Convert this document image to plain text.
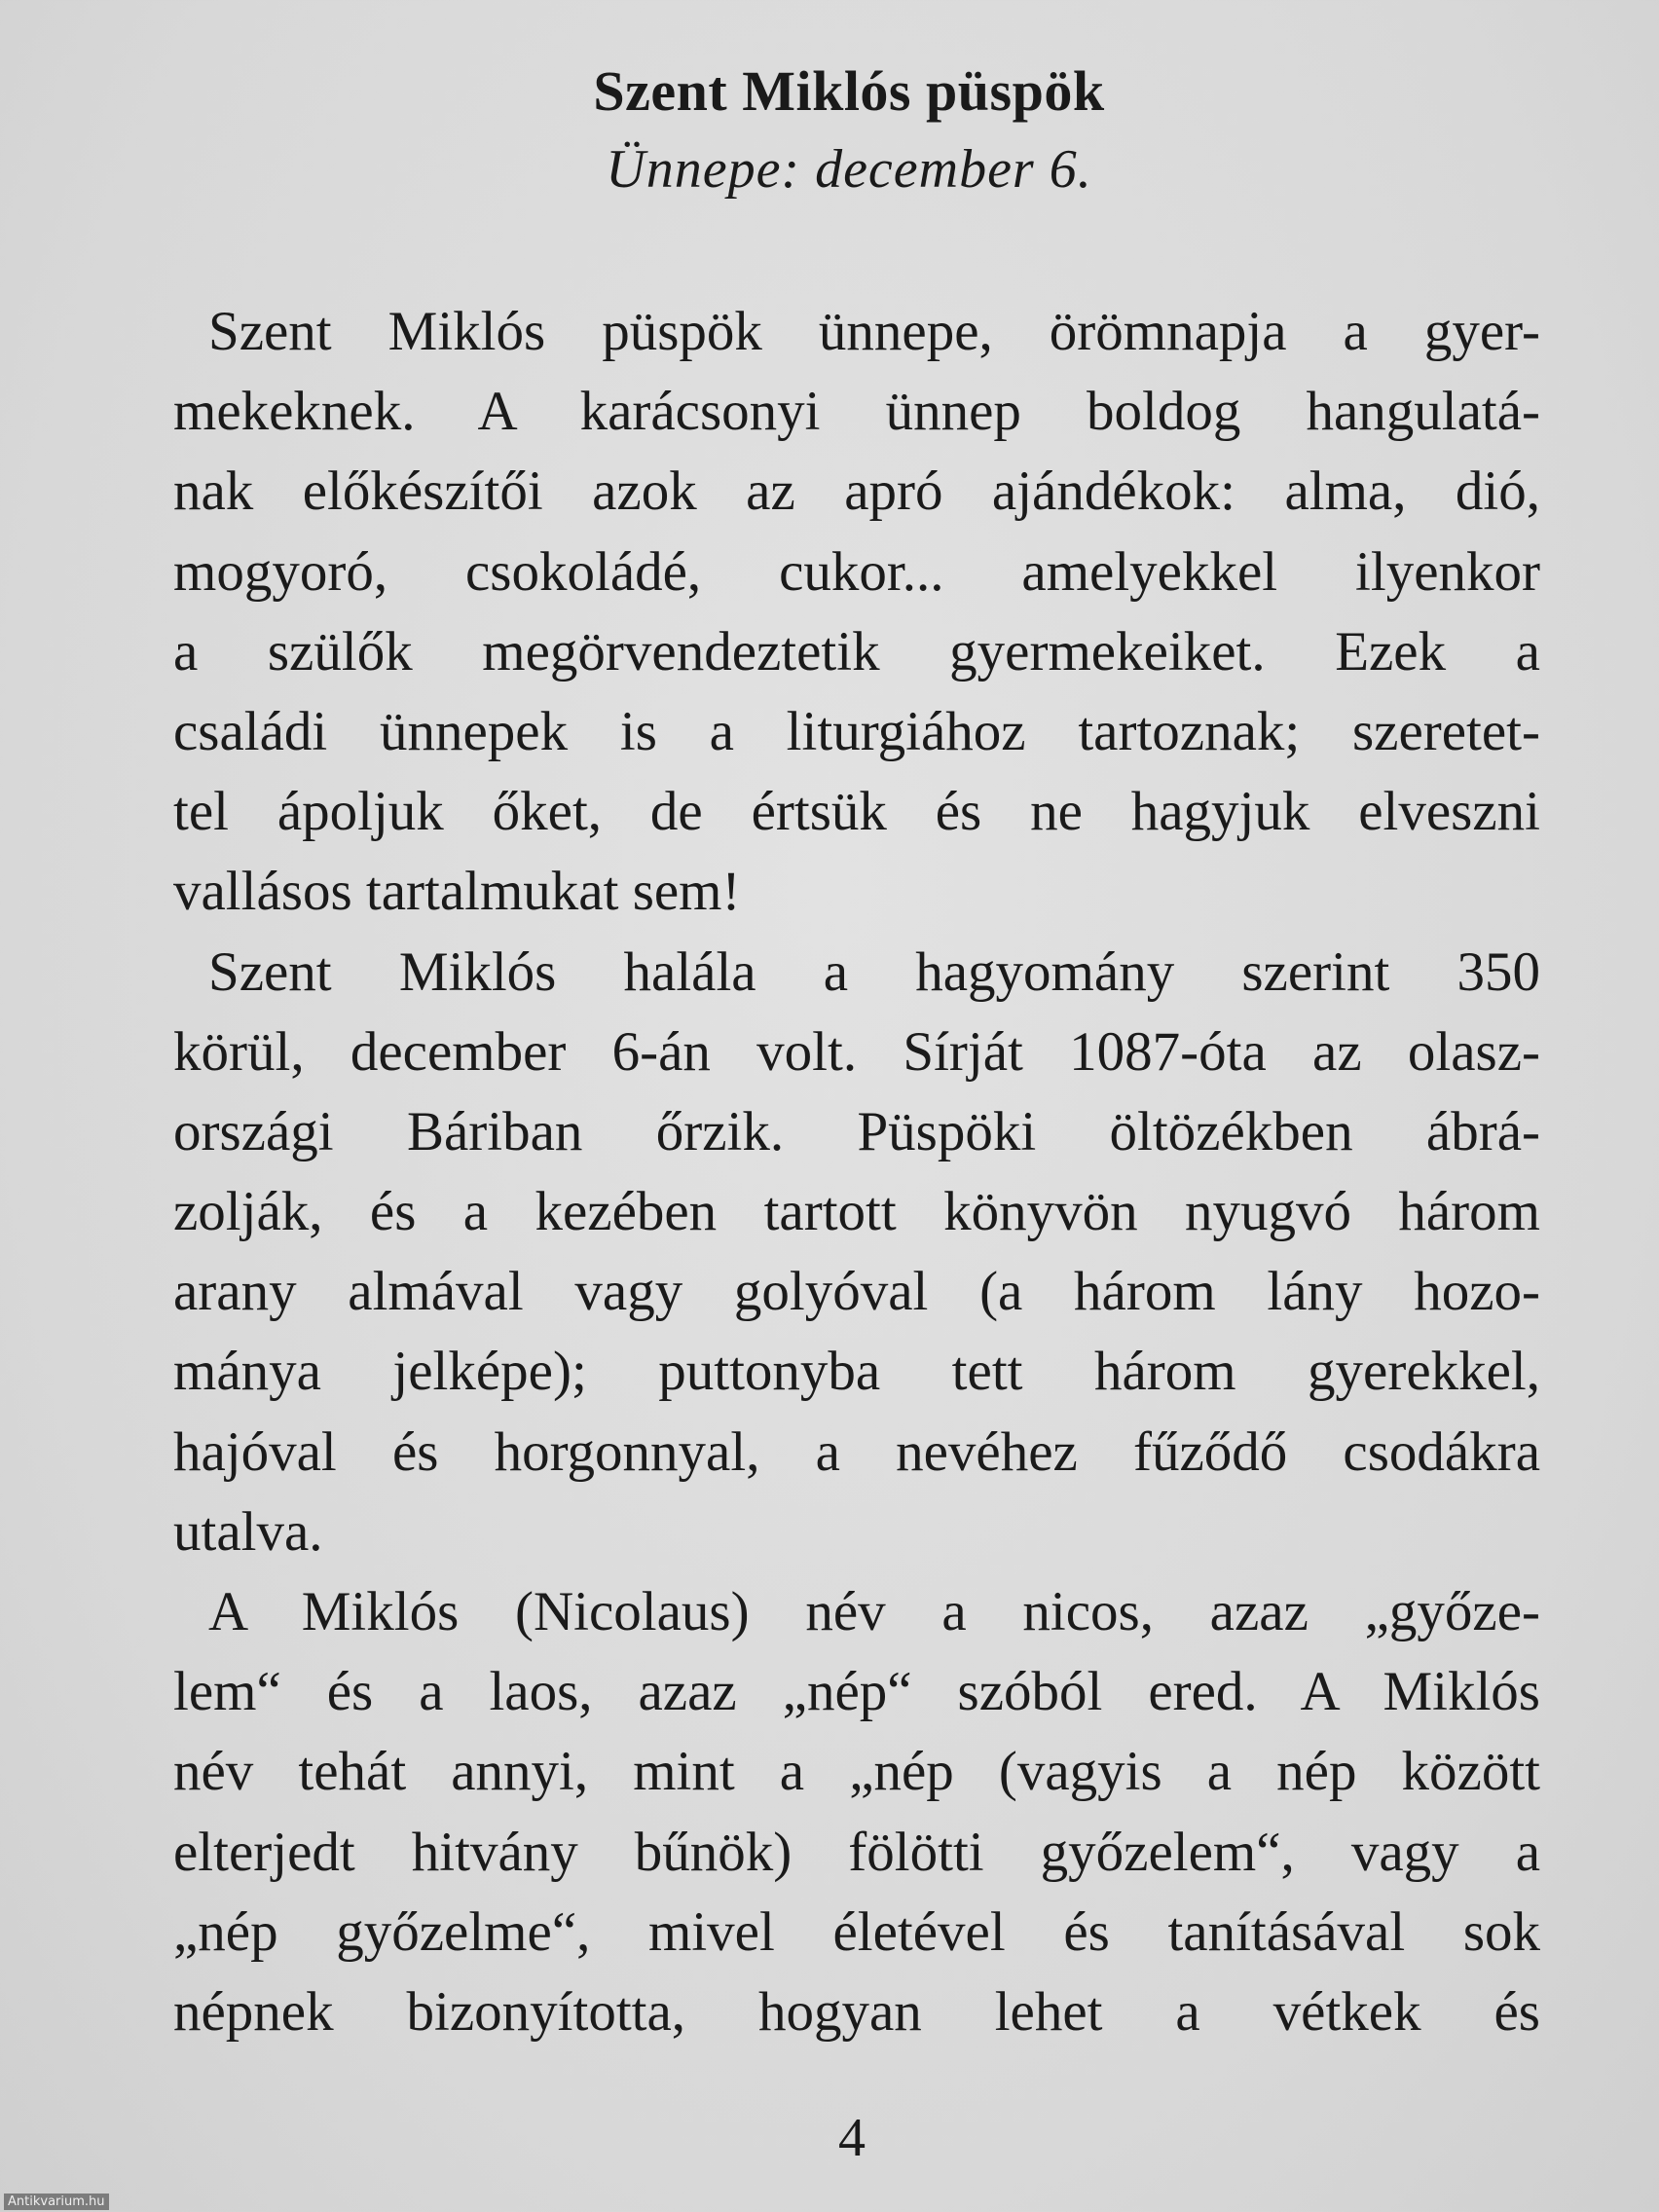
Szent Miklós püspök
Ünnepe: december 6.
Szent Miklós püspök ünnepe, örömnapja a gyer-
mekeknek. A karácsonyi ünnep boldog hangulatá-
nak előkészítői azok az apró ajándékok: alma, dió,
mogyoró, csokoládé, cukor... amelyekkel ilyenkor
a szülők megörvendeztetik gyermekeiket. Ezek a
családi ünnepek is a liturgiához tartoznak; szeretet-
tel ápoljuk őket, de értsük és ne hagyjuk elveszni
vallásos tartalmukat sem!
Szent Miklós halála a hagyomány szerint 350
körül, december 6-án volt. Sírját 1087-óta az olasz-
országi Báriban őrzik. Püspöki öltözékben ábrá-
zolják, és a kezében tartott könyvön nyugvó három
arany almával vagy golyóval (a három lány hozo-
mánya jelképe); puttonyba tett három gyerekkel,
hajóval és horgonnyal, a nevéhez fűződő csodákra
utalva.
A Miklós (Nicolaus) név a nicos, azaz „győze-
lem“ és a laos, azaz „nép“ szóból ered. A Miklós
név tehát annyi, mint a „nép (vagyis a nép között
elterjedt hitvány bűnök) fölötti győzelem“, vagy a
„nép győzelme“, mivel életével és tanításával sok
népnek bizonyította, hogyan lehet a vétkek és
4
Antikvarium.hu
